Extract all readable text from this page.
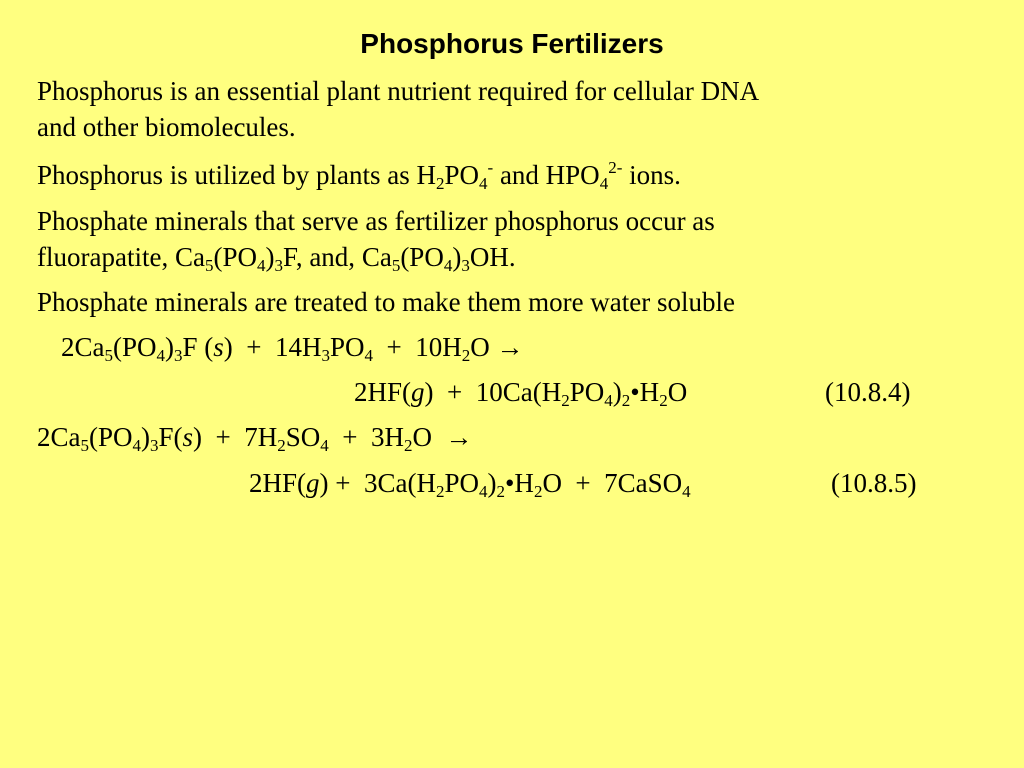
Phosphorus Fertilizers

Phosphorus is an essential plant nutrient required for cellular DNA

and other biomolecules.

Phosphorus is utilized by plants as $H_2PO_4^-$ and $HPO_4^{2-}$ ions.

Phosphate minerals that serve as fertilizer phosphorus occur as

fluorapatite, $Ca_5(PO_4)_3F$, and, $Ca_5(PO_4)_3OH$.

Phosphate minerals are treated to make them more water soluble

$2Ca_5(PO_4)_3F$ $(s) + 14H_3PO_4 + 10H_2O$ →

$2HF(g) + 10Ca(H_2PO_4)_2•H_2O$	(10.8.4)

$2Ca_5(PO_4)_3F(s) + 7H_2SO_4 + 3H_2O$  →

$2HF(g) + 3Ca(H_2PO_4)_2•H_2O$  +  7CaSO$_4$	(10.8.5)
